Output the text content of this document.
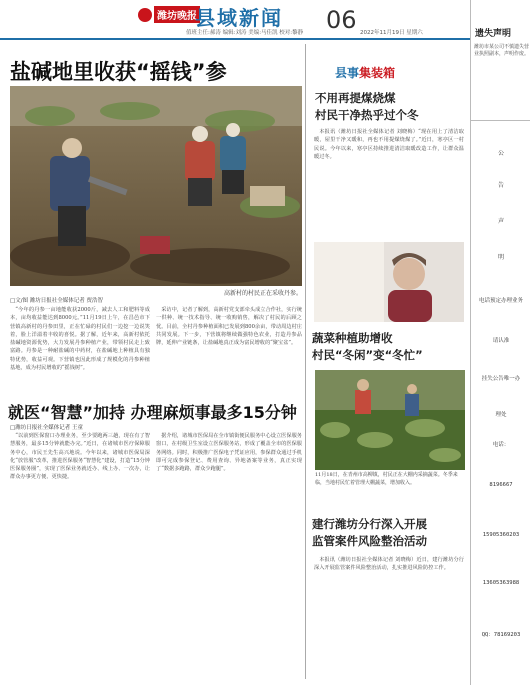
潍坊晚报
县域新闻 06
值班主任:郝涛 编辑:刘涛 美编:马佳凯 校对:黎静	2022年11月19日 星期六
盐碱地里收获“摇钱”参
高新村的村民正在采收丹参。
□文/图 潍坊日报社全媒体记者 贾浩智

“今年的丹参一亩地能收获2000斤，减去人工和肥料等成本，亩均收益能达到8000元。”11月19日上午，在昌邑市下营镇高新村的丹参田里，正在忙碌的村民们一边挖一边说笑着，脸上洋溢着丰收的喜悦。据了解，近年来，高新村依托盐碱地资源优势，大力发展丹参种植产业，带领村民走上致富路。丹参是一种耐盐碱的中药材，在盐碱地上种植具有独特优势，收益可观。下营镇也因此形成了规模化的丹参种植基地，成为村民增收的“摇钱树”。

采访中，记者了解到，高新村党支部牵头成立合作社，实行统一供种、统一技术指导、统一收购销售，解决了村民的后顾之忧。目前，全村丹参种植面积已发展到800余亩，带动周边村庄共同发展。下一步，下营镇将继续做强特色农业，打造丹参品牌，延伸产业链条，让盐碱地真正成为富民增收的“聚宝盆”。

就医“智慧”加持 办理麻烦事最多15分钟
□潍坊日报社全媒体记者 王童

“以前到医保窗口办理业务，至少要跑两三趟，现在有了智慧服务，最多15分钟就能办完。”近日，在诸城市医疗保障服务中心，市民王先生高兴地说。今年以来，诸城市医保局深化“放管服”改革，推进医保服务“智慧化”建设，打造“15分钟医保服务圈”，实现了医保业务就近办、线上办、一次办，让群众办事更方便、更快捷。

据介绍，诸城市医保局在全市镇街便民服务中心设立医保服务窗口，在村级卫生室设立医保服务站，形成了覆盖全市的医保服务网络。同时，积极推广医保电子凭证应用，参保群众通过手机即可完成参保登记、费用查询、异地备案等业务，真正实现了“数据多跑路，群众少跑腿”。

县事集装箱
不用再提煤烧煤
村民干净热乎过个冬

本报讯（潍坊日报社全媒体记者 刘晓梅）“现在用上了清洁取暖，屋里干净又暖和，再也不用提煤烧煤了。”近日，寒亭区一村民说。今年以来，寒亭区持续推进清洁取暖改造工作，让群众温暖过冬。

蔬菜种植助增收
村民“冬闲”变“冬忙”
11月18日，在青州市高柳镇，村民正在大棚内采摘蔬菜。冬季来临，当地村民忙着管理大棚蔬菜，增加收入。
建行潍坊分行深入开展
监管案件风险整治活动

本报讯（潍坊日报社全媒体记者 刘晓梅）近日，建行潍坊分行深入开展监管案件风险整治活动，扎实推进风险防控工作。

遗失声明
潍坊市某公司不慎遗失营业执照副本，声明作废。
公
告
声
明
电话预定办理业务
请认准
挂失公告唯一办
理处
电话：
8196667
15905360203
13605363988
QQ：78169203
